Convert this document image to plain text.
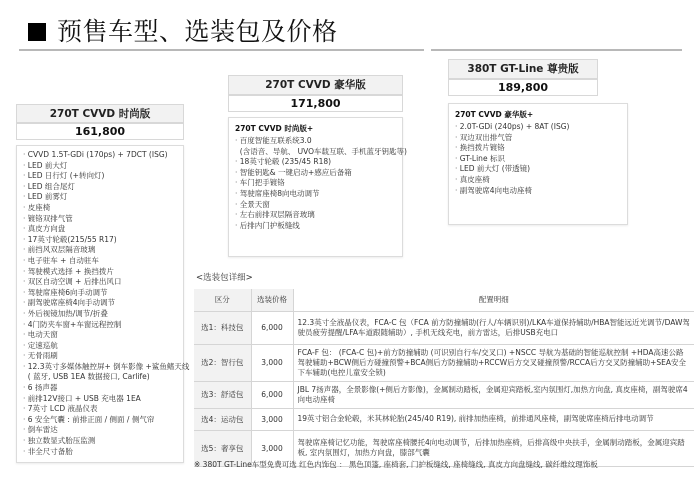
预售车型、选装包及价格
270T CVVD 时尚版
161,800
· CVVD 1.5T-GDi (170ps) + 7DCT (ISG)
· LED 前大灯
· LED 日行灯 (+转向灯)
· LED 组合尾灯
· LED 前雾灯
· 皮座椅
· 镀铬双排气管
· 真皮方向盘
· 17英寸轮毂(215/55 R17)
· 前挡风双层隔音玻璃
· 电子驻车 + 自动驻车
· 驾驶模式选择 + 换挡拨片
· 双区自动空调 + 后排出风口
· 驾驶席座椅6向手动调节
· 副驾驶席座椅4向手动调节
· 外后视镜加热/调节/折叠
· 4门防夹车窗+车窗远程控制
· 电动天窗
· 定速巡航
· 无骨雨刷
· 12.3英寸多媒体触控屏+ 倒车影像 +鲨鱼鳍天线
( 蓝牙, USB 1EA 数据接口, Carlife)
· 6 扬声器
· 前排12V接口 + USB 充电器 1EA
· 7英寸 LCD 液晶仪表
· 6 安全气囊 : 前排正面 / 侧面 / 侧气帘
· 倒车雷达
· 独立数显式胎压监测
· 非全尺寸备胎
270T CVVD 豪华版
171,800
270T CVVD 时尚版+
· 百度智能互联系统3.0
(含语音、导航、 UVO车载互联、手机蓝牙钥匙等)
· 18英寸轮毂 (235/45 R18)
· 智能钥匙& 一键启动+感应后备箱
· 车门把手镀铬
· 驾驶席座椅8向电动调节
· 全景天窗
· 左右前排双层隔音玻璃
· 后排内门护板缝线
380T GT-Line 尊贵版
189,800
270T CVVD 豪华版+
· 2.0T-GDi (240ps) + 8AT (ISG)
· 双边双出排气管
· 换挡拨片镀铬
· GT-Line 标识
· LED 前大灯 (带透镜)
· 真皮座椅
· 副驾驶席4向电动座椅
<选装包详细>
区分	选装价格	配置明细
选1：科技包	6,000	12.3英寸全液晶仪表，FCA-C 包（FCA 前方防撞辅助(行人/车辆识别)/LKA车道保持辅助/HBA智能远近光调节/DAW驾驶员疲劳提醒/LFA车道跟随辅助）, 手机无线充电，前方雷达，后排USB充电口
选2：智行包	3,000	FCA-F 包： (FCA-C 包)+前方防撞辅助 (可识别自行车/交叉口) +NSCC 导航为基础的智能巡航控制 +HDA高速公路驾驶辅助+BCW侧后方碰撞预警+BCA侧后方防撞辅助+RCCW后方交叉碰撞预警/RCCA后方交叉防撞辅助+SEA安全下车辅助(电控儿童安全锁)
选3：舒适包	6,000	JBL 7扬声器，全景影像(+侧后方影像)，金属制动踏板，金属迎宾踏板,室内氛围灯,加热方向盘, 真皮座椅，副驾驶席4向电动座椅
选4：运动包	3,000	19英寸铝合金轮毂，米其林轮胎(245/40 R19), 前排加热座椅，前排通风座椅，副驾驶席座椅后排电动调节
选5：奢享包	3,000	驾驶席座椅记忆功能，驾驶席座椅腰托4向电动调节，后排加热座椅，后排高级中央扶手，金属制动踏板，金属迎宾踏板, 室内氛围灯，加热方向盘，膝部气囊
※ 380T GT-Line车型免费可选 红色内饰包 ： 黑色顶篷, 座椅套, 门护板缝线, 座椅缝线, 真皮方向盘缝线, 碳纤维纹理饰板
